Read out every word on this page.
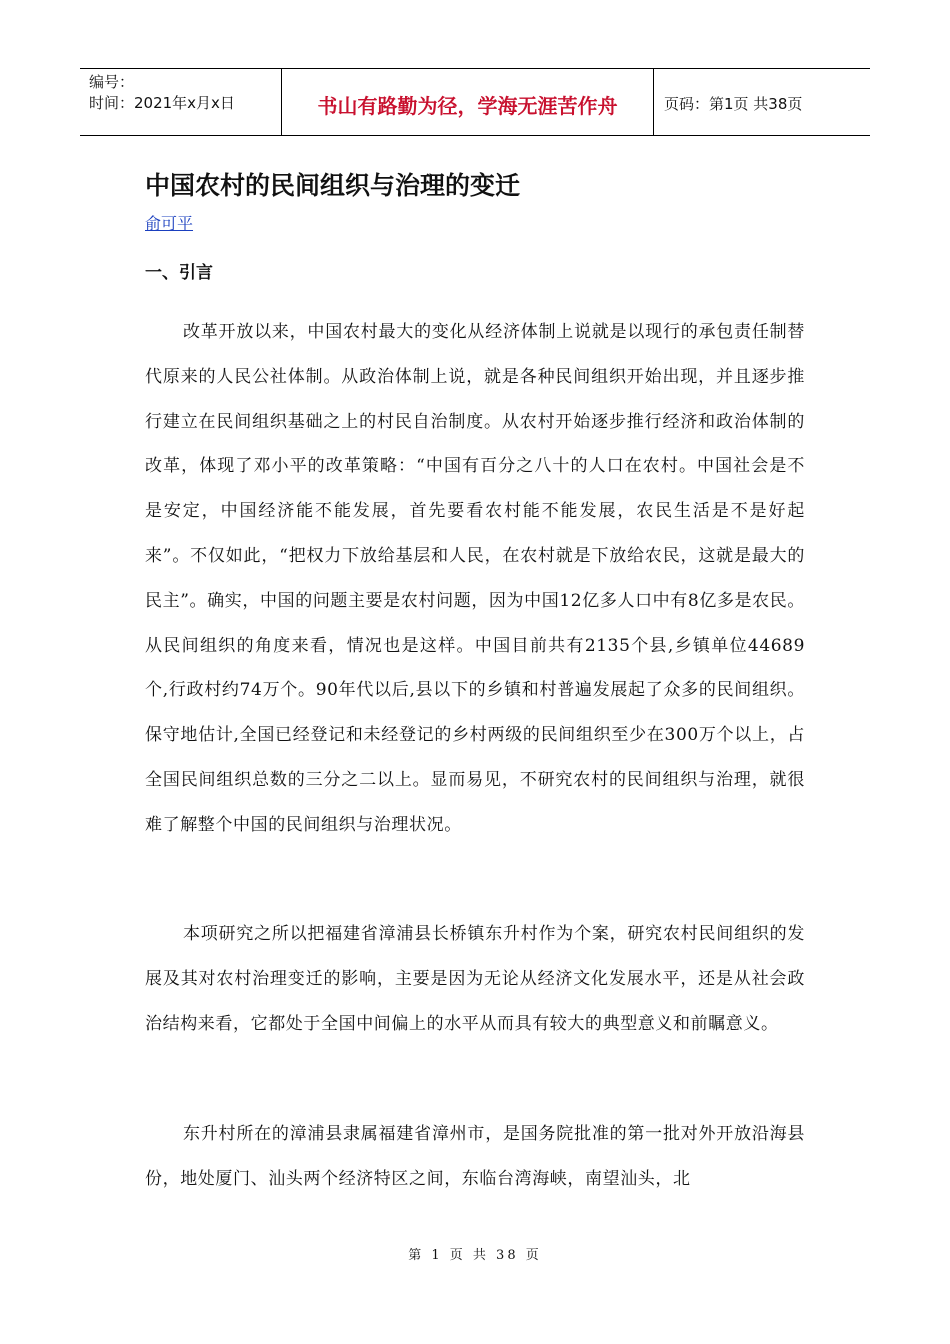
编号：
时间：2021年x月x日	书山有路勤为径，学海无涯苦作舟	页码：第1页 共38页
中国农村的民间组织与治理的变迁
俞可平
一、引言

改革开放以来，中国农村最大的变化从经济体制上说就是以现行的承包责任制替代原来的人民公社体制。从政治体制上说，就是各种民间组织开始出现，并且逐步推行建立在民间组织基础之上的村民自治制度。从农村开始逐步推行经济和政治体制的改革，体现了邓小平的改革策略：“中国有百分之八十的人口在农村。中国社会是不是安定，中国经济能不能发展，首先要看农村能不能发展，农民生活是不是好起来”。不仅如此，“把权力下放给基层和人民，在农村就是下放给农民，这就是最大的民主”。确实，中国的问题主要是农村问题，因为中国12亿多人口中有8亿多是农民。从民间组织的角度来看，情况也是这样。中国目前共有2135个县,乡镇单位44689个,行政村约74万个。90年代以后,县以下的乡镇和村普遍发展起了众多的民间组织。保守地估计,全国已经登记和未经登记的乡村两级的民间组织至少在300万个以上，占全国民间组织总数的三分之二以上。显而易见，不研究农村的民间组织与治理，就很难了解整个中国的民间组织与治理状况。

本项研究之所以把福建省漳浦县长桥镇东升村作为个案，研究农村民间组织的发展及其对农村治理变迁的影响，主要是因为无论从经济文化发展水平，还是从社会政治结构来看，它都处于全国中间偏上的水平从而具有较大的典型意义和前瞩意义。

东升村所在的漳浦县隶属福建省漳州市，是国务院批准的第一批对外开放沿海县份，地处厦门、汕头两个经济特区之间，东临台湾海峡，南望汕头，北

第 1 页 共 38 页
